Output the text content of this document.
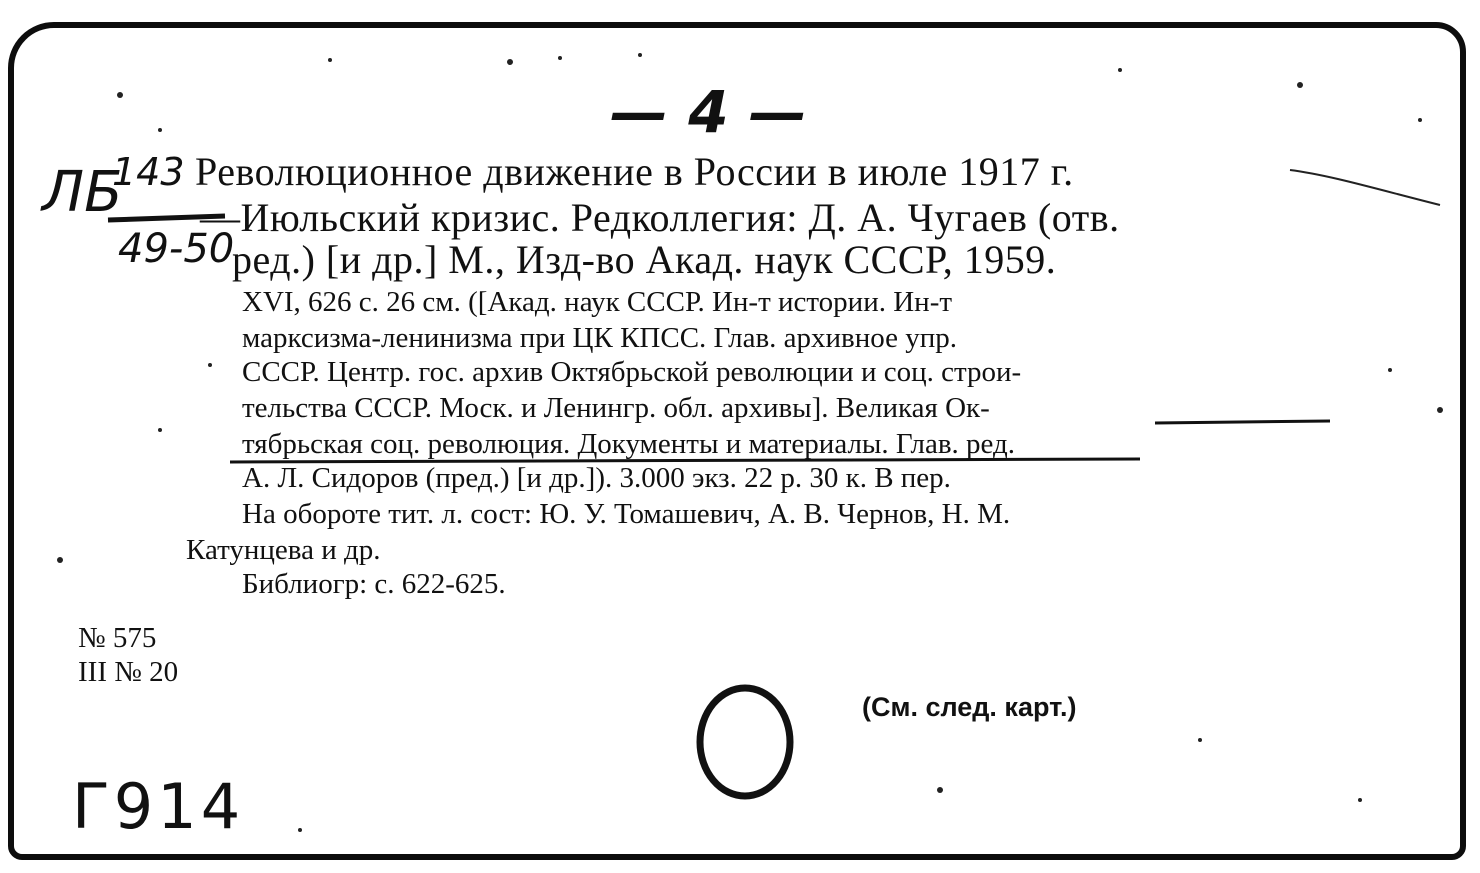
— 4 —
ЛБ
143
49-50
Г914
Революционное движение в России в июле 1917 г.
—Июльский кризис. Редколлегия: Д. А. Чугаев (отв.
ред.) [и др.] М., Изд-во Акад. наук СССР, 1959.
XVI, 626 с. 26 см. ([Акад. наук СССР. Ин-т истории. Ин-т
марксизма-ленинизма при ЦК КПСС. Глав. архивное упр.
СССР. Центр. гос. архив Октябрьской революции и соц. строи-
тельства СССР. Моск. и Ленингр. обл. архивы]. Великая Ок-
тябрьская соц. революция. Документы и материалы. Глав. ред.
А. Л. Сидоров (пред.) [и др.]). 3.000 экз. 22 р. 30 к. В пер.
На обороте тит. л. сост: Ю. У. Томашевич, А. В. Чернов, Н. М.
Катунцева и др.
Библиогр: с. 622-625.
№ 575
III № 20
(См. след. карт.)
